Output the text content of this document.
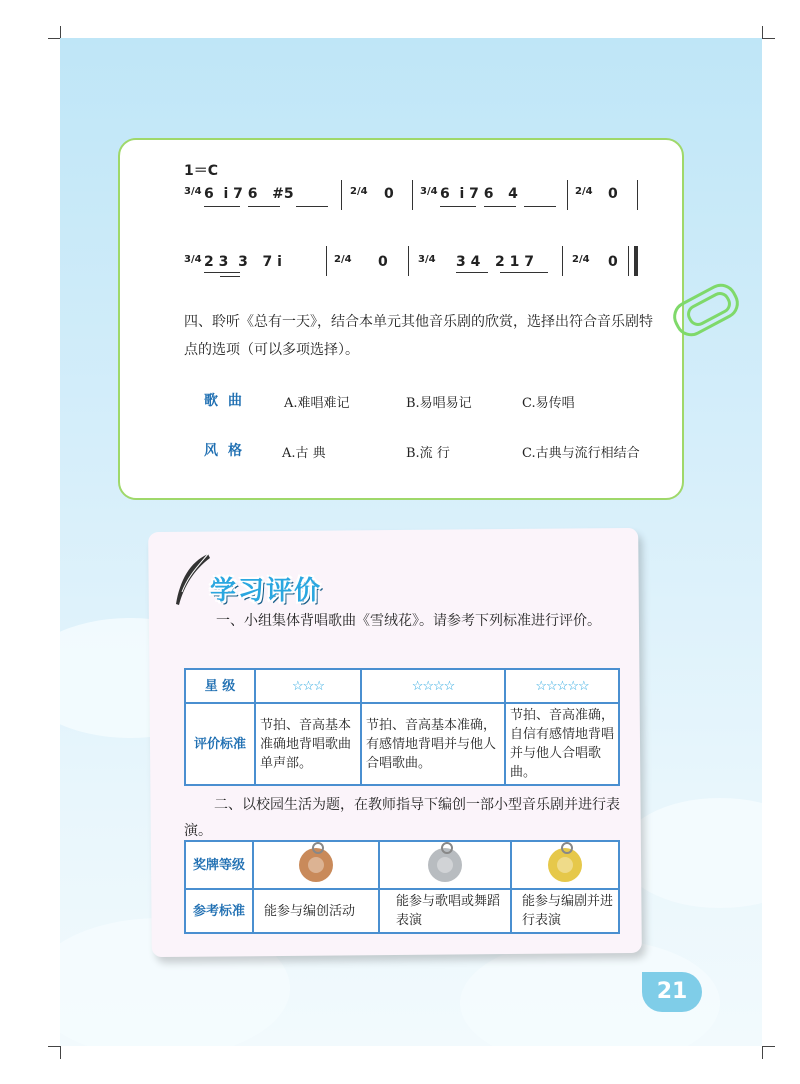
1＝C
3/4 6  i 7 6   #5	2/4 0	3/4 6  i 7 6   4	2/4 0
3/4 2 3  3   7 i	2/4 0	3/4 3 4   2 1 7	2/4 0
四、聆听《总有一天》，结合本单元其他音乐剧的欣赏，选择出符合音乐剧特点的选项（可以多项选择）。
歌曲 A.难唱难记	B.易唱易记	C.易传唱
风格 A.古 典	B.流 行	C.古典与流行相结合
学习评价
一、小组集体背唱歌曲《雪绒花》。请参考下列标准进行评价。
星 级	☆☆☆	☆☆☆☆	☆☆☆☆☆
评价标准	节拍、音高基本准确地背唱歌曲单声部。	节拍、音高基本准确，有感情地背唱并与他人合唱歌曲。	节拍、音高准确，自信有感情地背唱并与他人合唱歌曲。
二、以校园生活为题，在教师指导下编创一部小型音乐剧并进行表演。
奖牌等级	

参考标准	能参与编创活动	能参与歌唱或舞蹈表演	能参与编剧并进行表演
21
